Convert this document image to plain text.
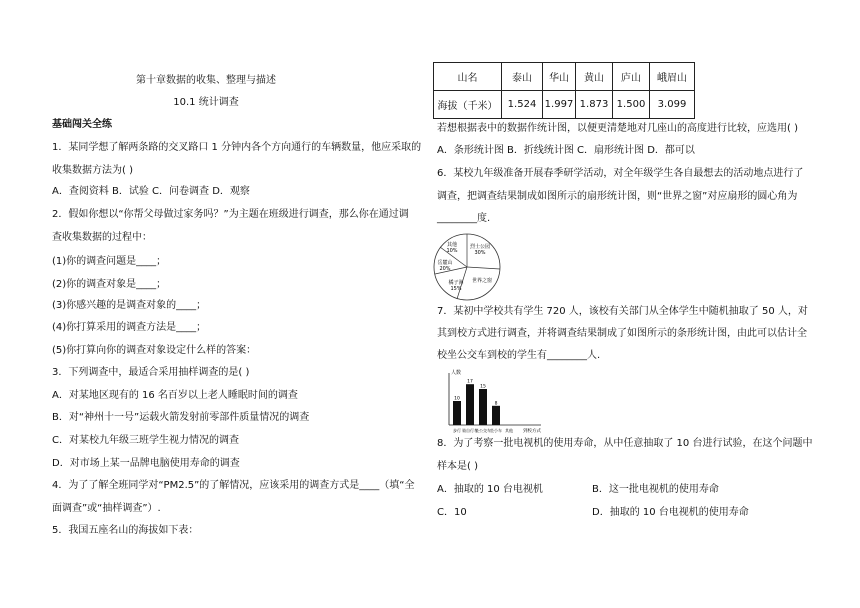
第十章数据的收集、整理与描述
10.1 统计调查
基础闯关全练
1．某同学想了解两条路的交叉路口 1 分钟内各个方向通行的车辆数量，他应采取的
收集数据方法为( )
A．查阅资料 B．试验 C．问卷调查 D．观察
2．假如你想以“你帮父母做过家务吗？”为主题在班级进行调查，那么你在通过调
查收集数据的过程中：
(1)你的调查问题是____；
(2)你的调查对象是____；
(3)你感兴趣的是调查对象的____；
(4)你打算采用的调查方法是____；
(5)你打算向你的调查对象设定什么样的答案：
3．下列调查中，最适合采用抽样调查的是( )
A．对某地区现有的 16 名百岁以上老人睡眠时间的调查
B．对“神州十一号”运载火箭发射前零部件质量情况的调查
C．对某校九年级三班学生视力情况的调查
D．对市场上某一品牌电脑使用寿命的调查
4．为了了解全班同学对“PM2.5”的了解情况，应该采用的调查方式是____（填“全
面调查”或“抽样调查”）.
5．我国五座名山的海拔如下表：
山名	泰山	华山	黄山	庐山	峨眉山
海拔（千米）	1.524	1.997	1.873	1.500	3.099
若想根据表中的数据作统计图，以便更清楚地对几座山的高度进行比较，应选用( )
A．条形统计图 B．折线统计图 C．扇形统计图 D．都可以
6．某校九年级准备开展春季研学活动，对全年级学生各自最想去的活动地点进行了
调查，把调查结果制成如图所示的扇形统计图，则“世界之窗”对应扇形的圆心角为
________度.
烈士公园
30%
世界之窗
橘子洲
15%
岳麓山
20%
其他
10%
7．某初中学校共有学生 720 人，该校有关部门从全体学生中随机抽取了 50 人，对
其到校方式进行调查，并将调查结果制成了如图所示的条形统计图，由此可以估计全
校坐公交车到校的学生有________人.
人数
到校方式
10
步行
17
骑自行车
15
坐公交车
8
坐小车 其他
8．为了考察一批电视机的使用寿命，从中任意抽取了 10 台进行试验，在这个问题中
样本是( )
A．抽取的 10 台电视机	B．这一批电视机的使用寿命
C．10	D．抽取的 10 台电视机的使用寿命
